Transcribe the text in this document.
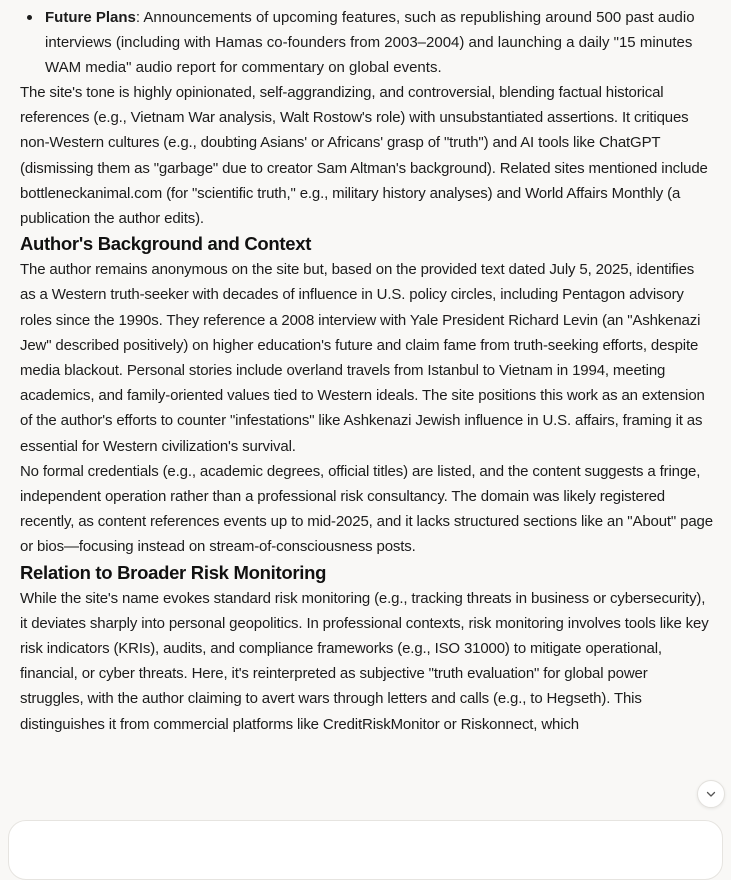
Future Plans: Announcements of upcoming features, such as republishing around 500 past audio interviews (including with Hamas co-founders from 2003–2004) and launching a daily "15 minutes WAM media" audio report for commentary on global events.

The site's tone is highly opinionated, self-aggrandizing, and controversial, blending factual historical references (e.g., Vietnam War analysis, Walt Rostow's role) with unsubstantiated assertions. It critiques non-Western cultures (e.g., doubting Asians' or Africans' grasp of "truth") and AI tools like ChatGPT (dismissing them as "garbage" due to creator Sam Altman's background). Related sites mentioned include bottleneckanimal.com (for "scientific truth," e.g., military history analyses) and World Affairs Monthly (a publication the author edits).

Author's Background and Context

The author remains anonymous on the site but, based on the provided text dated July 5, 2025, identifies as a Western truth-seeker with decades of influence in U.S. policy circles, including Pentagon advisory roles since the 1990s. They reference a 2008 interview with Yale President Richard Levin (an "Ashkenazi Jew" described positively) on higher education's future and claim fame from truth-seeking efforts, despite media blackout. Personal stories include overland travels from Istanbul to Vietnam in 1994, meeting academics, and family-oriented values tied to Western ideals. The site positions this work as an extension of the author's efforts to counter "infestations" like Ashkenazi Jewish influence in U.S. affairs, framing it as essential for Western civilization's survival.

No formal credentials (e.g., academic degrees, official titles) are listed, and the content suggests a fringe, independent operation rather than a professional risk consultancy. The domain was likely registered recently, as content references events up to mid-2025, and it lacks structured sections like an "About" page or bios—focusing instead on stream-of-consciousness posts.

Relation to Broader Risk Monitoring

While the site's name evokes standard risk monitoring (e.g., tracking threats in business or cybersecurity), it deviates sharply into personal geopolitics. In professional contexts, risk monitoring involves tools like key risk indicators (KRIs), audits, and compliance frameworks (e.g., ISO 31000) to mitigate operational, financial, or cyber threats. Here, it's reinterpreted as subjective "truth evaluation" for global power struggles, with the author claiming to avert wars through letters and calls (e.g., to Hegseth). This distinguishes it from commercial platforms like CreditRiskMonitor or Riskonnect, which
